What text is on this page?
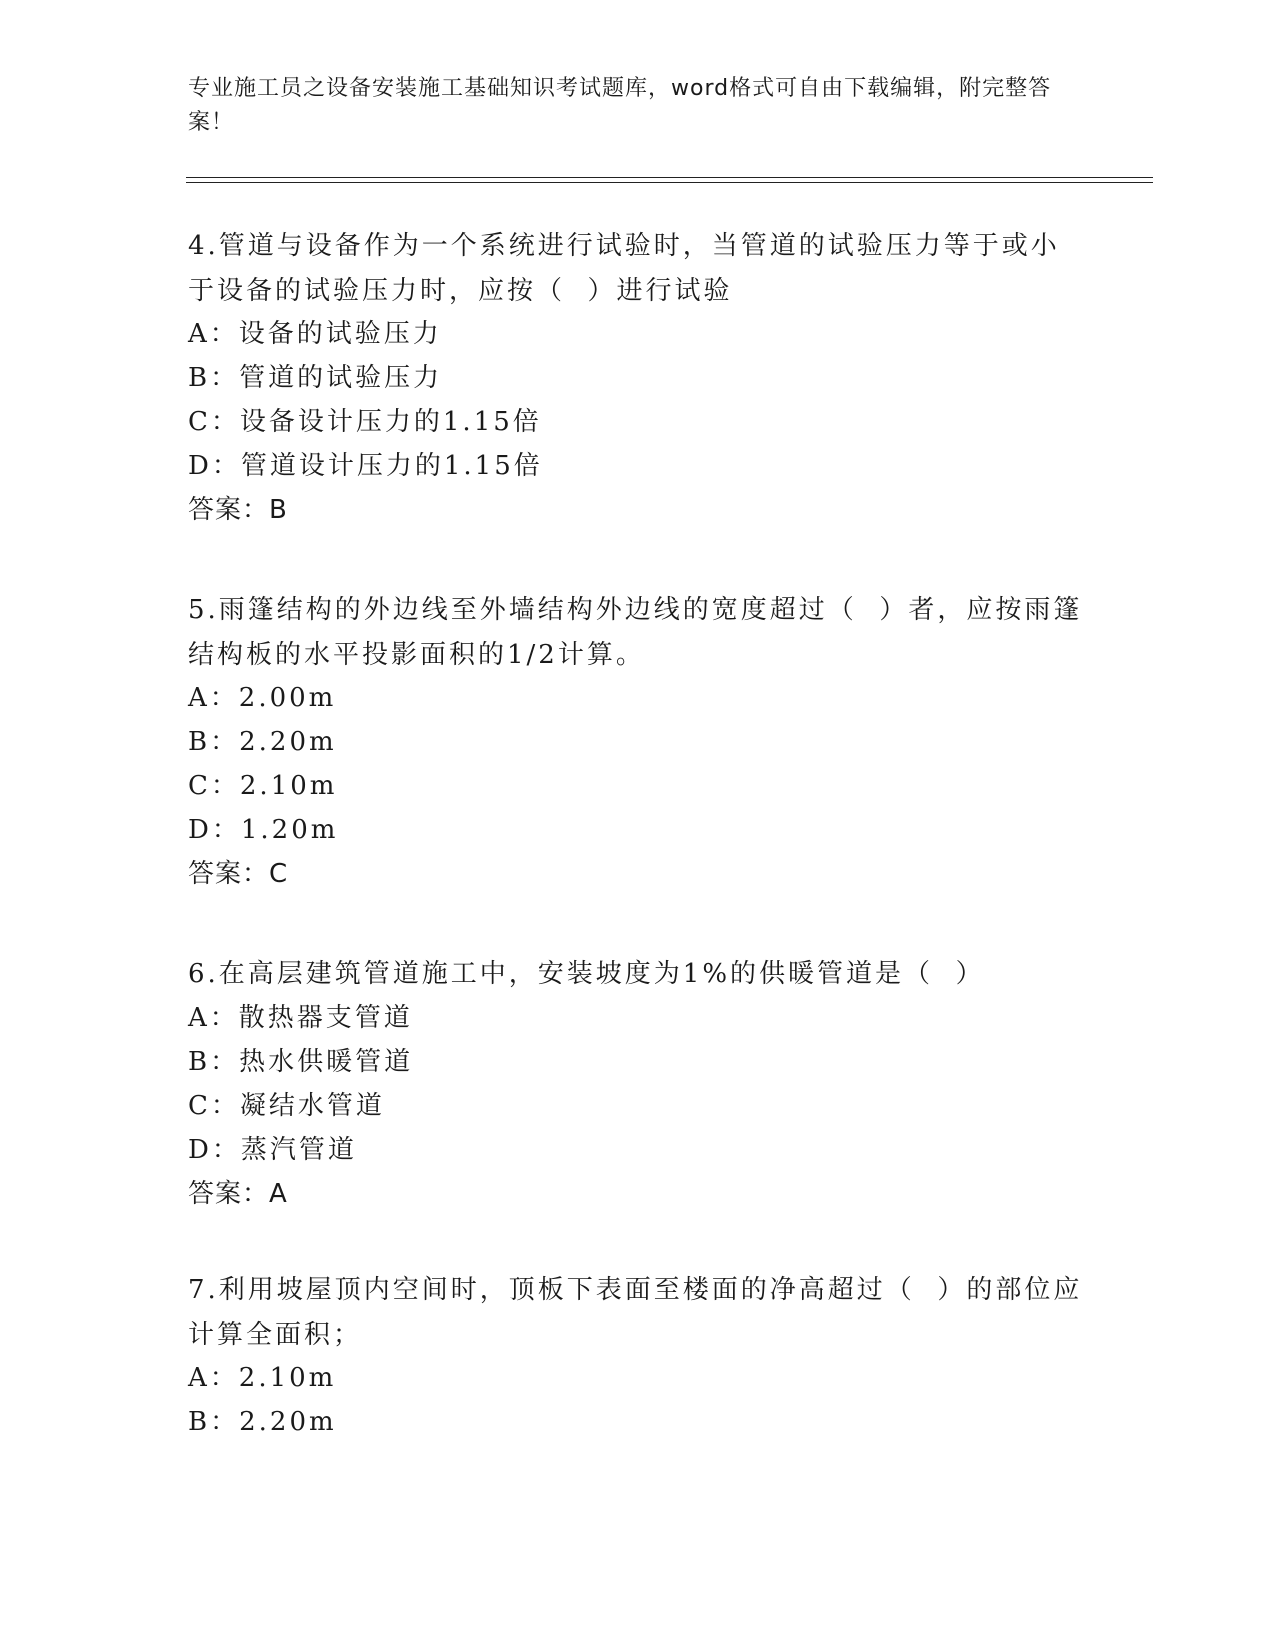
专业施工员之设备安装施工基础知识考试题库，word格式可自由下载编辑，附完整答案！
4.管道与设备作为一个系统进行试验时，当管道的试验压力等于或小于设备的试验压力时，应按（  ）进行试验
A：设备的试验压力
B：管道的试验压力
C：设备设计压力的1.15倍
D：管道设计压力的1.15倍
答案：B
5.雨篷结构的外边线至外墙结构外边线的宽度超过（  ）者，应按雨篷结构板的水平投影面积的1/2计算。
A：2.00m
B：2.20m
C：2.10m
D：1.20m
答案：C
6.在高层建筑管道施工中，安装坡度为1%的供暖管道是（  ）
A：散热器支管道
B：热水供暖管道
C：凝结水管道
D：蒸汽管道
答案：A
7.利用坡屋顶内空间时，顶板下表面至楼面的净高超过（  ）的部位应计算全面积；
A：2.10m
B：2.20m
